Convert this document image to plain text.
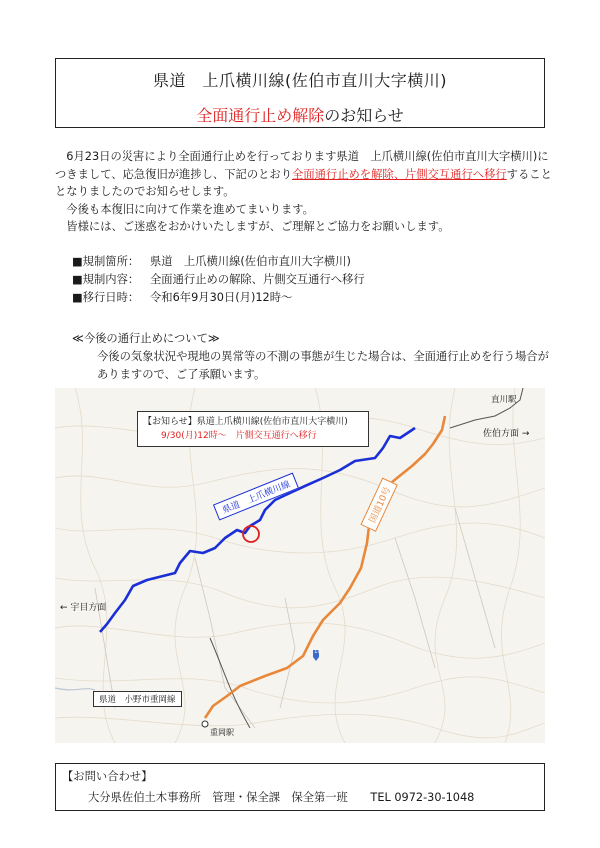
県道　上爪横川線(佐伯市直川大字横川)
全面通行止め解除のお知らせ

　6月23日の災害により全面通行止めを行っております県道　上爪横川線(佐伯市直川大字横川)につきまして、応急復旧が進捗し、下記のとおり全面通行止めを解除、片側交互通行へ移行することとなりましたのでお知らせします。

　今後も本復旧に向けて作業を進めてまいります。

　皆様には、ご迷惑をおかけいたしますが、ご理解とご協力をお願いします。

■規制箇所： 県道　上爪横川線(佐伯市直川大字横川)
■規制内容： 全面通行止めの解除、片側交互通行へ移行
■移行日時： 令和6年9月30日(月)12時～
≪今後の通行止めについて≫
今後の気象状況や現地の異常等の不測の事態が生じた場合は、全面通行止めを行う場合がありますので、ご了承願います。
【お知らせ】県道上爪横川線(佐伯市直川大字横川)
9/30(月)12時～　片側交互通行へ移行
県道　上爪横川線	国道10号
県道　小野市重岡線
佐伯方面 →
← 宇目方面
直川駅
重岡駅
10
【お問い合わせ】
大分県佐伯土木事務所　管理・保全課　保全第一班　　TEL 0972-30-1048
